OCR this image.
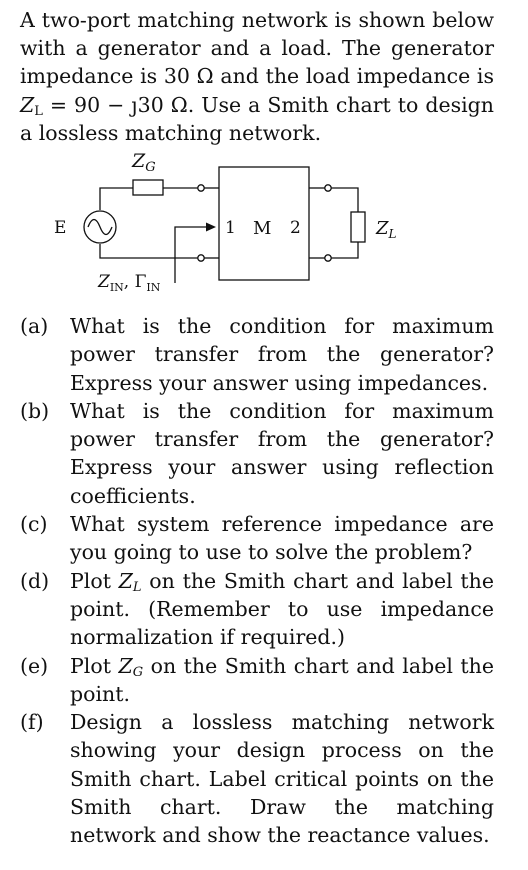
A two-port matching network is shown below with a generator and a load. The generator impedance is 30 Ω and the load impedance is $Z_L = 90$ − ȷ30 Ω. Use a Smith chart to design a lossless matching network.

$Z_G$
E	1 M 2	$Z_L$
$Z_{IN}$, $\Gamma_{IN}$
(a) What is the condition for maximum power transfer from the generator? Express your answer using impedances.
(b) What is the condition for maximum power transfer from the generator? Express your answer using reflection coefficients.
(c) What system reference impedance are you going to use to solve the problem?
(d) Plot $Z_L$ on the Smith chart and label the point. (Remember to use impedance normalization if required.)
(e) Plot $Z_G$ on the Smith chart and label the point.
(f) Design a lossless matching network showing your design process on the Smith chart. Label critical points on the Smith chart. Draw the matching network and show the reactance values.
